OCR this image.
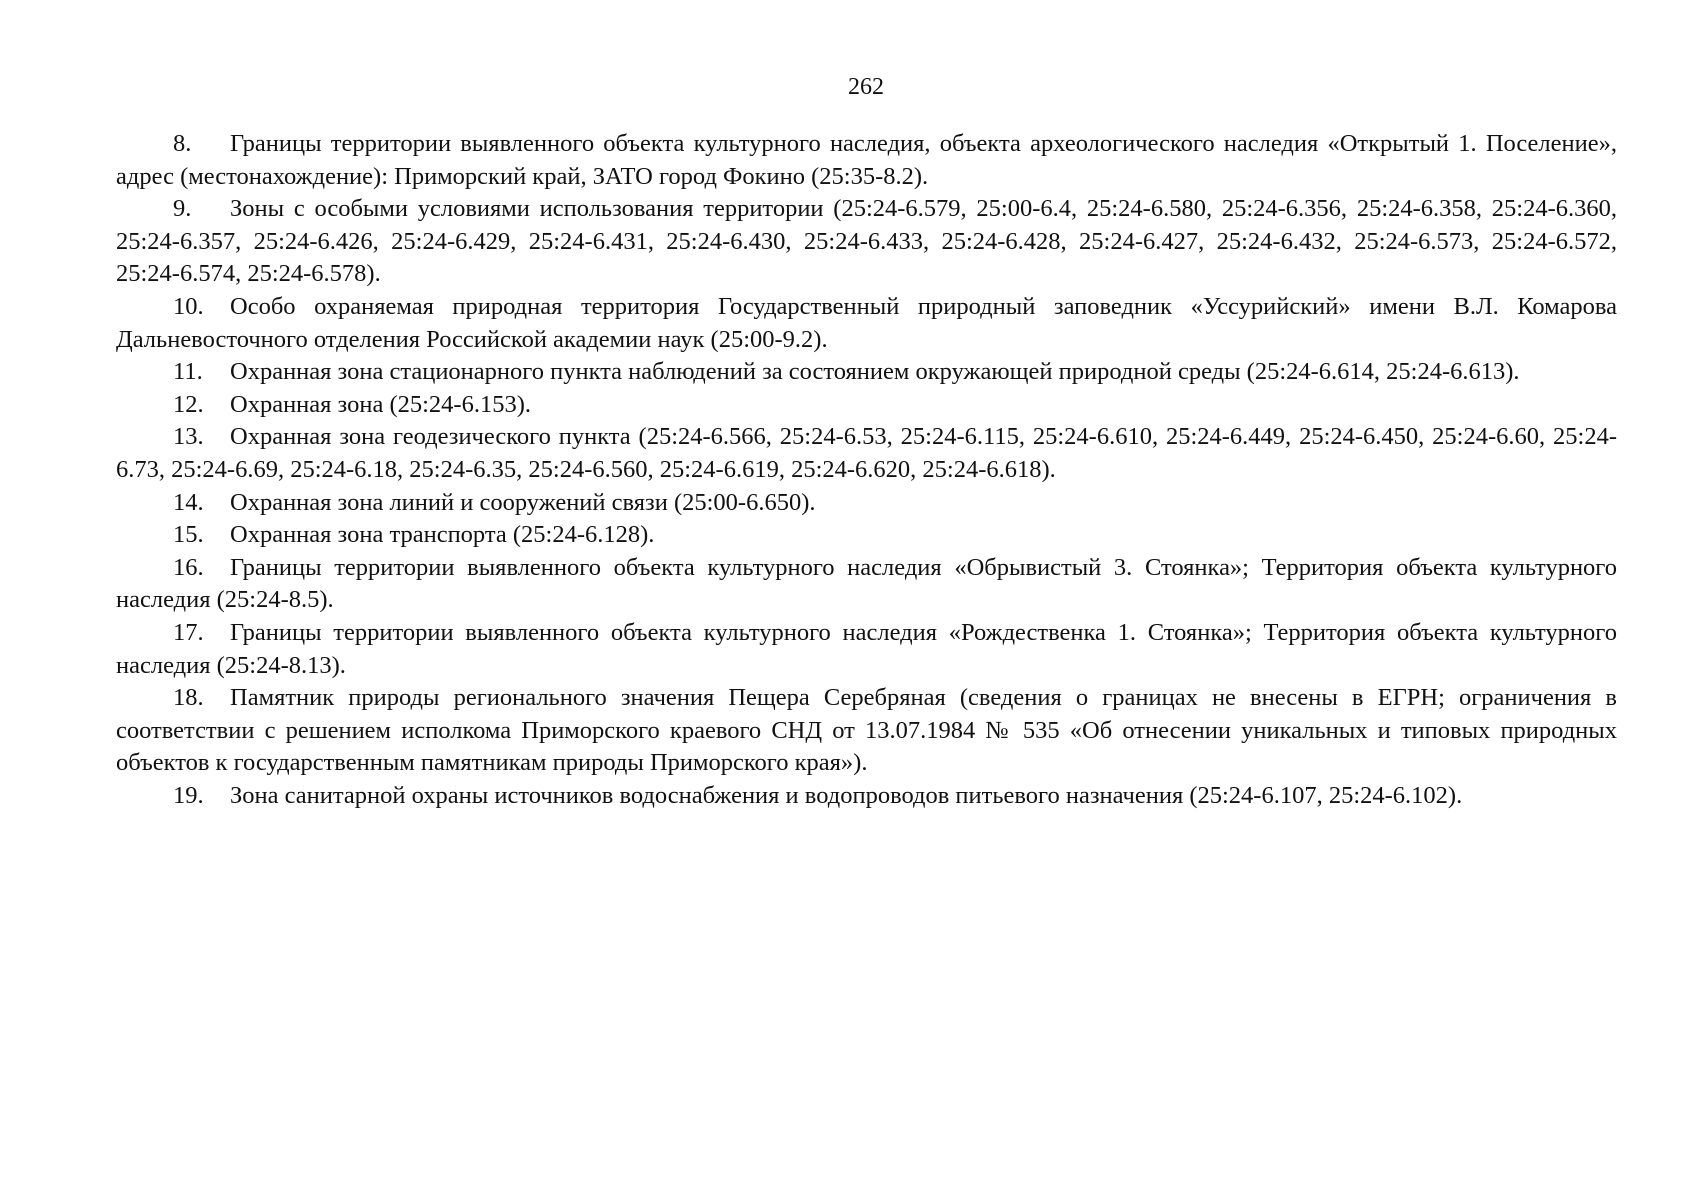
262

8. Границы территории выявленного объекта культурного наследия, объекта археологического наследия «Открытый 1. Поселение», адрес (местонахождение): Приморский край, ЗАТО город Фокино (25:35-8.2).

9. Зоны с особыми условиями использования территории (25:24-6.579, 25:00-6.4, 25:24-6.580, 25:24-6.356, 25:24-6.358, 25:24-6.360, 25:24-6.357, 25:24-6.426, 25:24-6.429, 25:24-6.431, 25:24-6.430, 25:24-6.433, 25:24-6.428, 25:24-6.427, 25:24-6.432, 25:24-6.573, 25:24-6.572, 25:24-6.574, 25:24-6.578).

10. Особо охраняемая природная территория Государственный природный заповедник «Уссурийский» имени В.Л. Комарова Дальневосточного отделения Российской академии наук (25:00-9.2).

11. Охранная зона стационарного пункта наблюдений за состоянием окружающей природной среды (25:24-6.614, 25:24-6.613).

12. Охранная зона (25:24-6.153).

13. Охранная зона геодезического пункта (25:24-6.566, 25:24-6.53, 25:24-6.115, 25:24-6.610, 25:24-6.449, 25:24-6.450, 25:24-6.60, 25:24-6.73, 25:24-6.69, 25:24-6.18, 25:24-6.35, 25:24-6.560, 25:24-6.619, 25:24-6.620, 25:24-6.618).

14. Охранная зона линий и сооружений связи (25:00-6.650).

15. Охранная зона транспорта (25:24-6.128).

16. Границы территории выявленного объекта культурного наследия «Обрывистый 3. Стоянка»; Территория объекта культурного наследия (25:24-8.5).

17. Границы территории выявленного объекта культурного наследия «Рождественка 1. Стоянка»; Территория объекта культурного наследия (25:24-8.13).

18. Памятник природы регионального значения Пещера Серебряная (сведения о границах не внесены в ЕГРН; ограничения в соответствии с решением исполкома Приморского краевого СНД от 13.07.1984 № 535 «Об отнесении уникальных и типовых природных объектов к государственным памятникам природы Приморского края»).

19. Зона санитарной охраны источников водоснабжения и водопроводов питьевого назначения (25:24-6.107, 25:24-6.102).
